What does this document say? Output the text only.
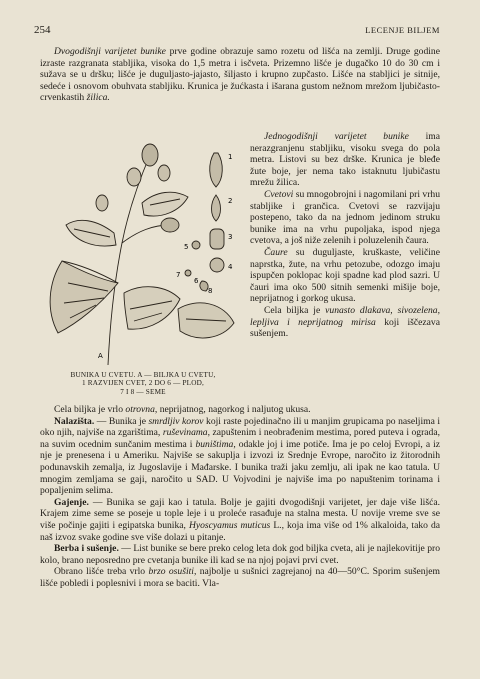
254	LECENJE BILJEM

Dvogodišnji varijetet bunike prve godine obrazuje samo rozetu od lišća na zemlji. Druge godine izraste razgranata stabljika, visoka do 1,5 metra i isčveta. Prizemno lišće je dugačko 10 do 30 cm i sužava se u dršku; lišće je duguljasto-jajasto, šiljasto i krupno zupčasto. Lišće na stabljici je sitnije, sedeće i osnovom obuhvata stabljiku. Krunica je žućkasta i išarana gustom nežnom mrežom ljubičasto-crvenkastih žilica.

A
1
2
3
4
5
6
7
8

Jednogodišnji varijetet bunike ima nerazgranjenu stabljiku, visoku svega do pola metra. Listovi su bez drške. Krunica je bleđe žute boje, jer nema tako istaknutu ljubičastu mrežu žilica.

Cvetovi su mnogobrojni i nagomilani pri vrhu stabljike i grančica. Cvetovi se razvijaju postepeno, tako da na jednom jedinom struku bunike ima na vrhu pupoljaka, ispod njega cvetova, a još niže zelenih i poluzelenih čaura.

Čaure su duguljaste, kruškaste, veličine naprstka, žute, na vrhu petozube, odozgo imaju ispupčen poklopac koji spadne kad plod sazri. U čauri ima oko 500 sitnih semenki mišije boje, neprijatnog i gorkog ukusa.

Cela biljka je vunasto dlakava, sivozelena, lepljiva i neprijatnog mirisa koji iščezava sušenjem.

BUNIKA U CVETU. A — BILJKA U CVETU,
1 RAZVIJEN CVET, 2 DO 6 — PLOD,
7 I 8 — SEME

Cela biljka je vrlo otrovna, neprijatnog, nagorkog i naljutog ukusa.

Nalazišta. — Bunika je smrdljiv korov koji raste pojedinačno ili u manjim grupicama po naseljima i oko njih, najviše na zgarištima, ruševinama, zapuštenim i neobrađenim mestima, pored puteva i ograda, na suvim ocednim sunčanim mestima i buništima, odakle joj i ime potiče. Ima je po celoj Evropi, a iz nje je prenesena i u Ameriku. Najviše se sakuplja i izvozi iz Srednje Evrope, naročito iz žitorodnih podunavskih zemalja, iz Jugoslavije i Mađarske. I bunika traži jaku zemlju, ali ipak ne kao tatula. U mnogim zemljama se gaji, naročito u SAD. U Vojvodini je najviše ima po napuštenim torinama i popaljenim selima.

Gajenje. — Bunika se gaji kao i tatula. Bolje je gajiti dvogodišnji varijetet, jer daje više lišća. Krajem zime seme se poseje u tople leje i u proleće rasađuje na stalna mesta. U novije vreme sve se više počinje gajiti i egipatska bunika, Hyoscyamus muticus L., koja ima više od 1% alkaloida, tako da naš izvoz svake godine sve više dolazi u pitanje.

Berba i sušenje. — List bunike se bere preko celog leta dok god biljka cveta, ali je najlekovitije pro kolo, brano neposredno pre cvetanja bunike ili kad se na njoj pojavi prvi cvet.

Obrano lišće treba vrlo brzo osušiti, najbolje u sušnici zagrejanoj na 40—50°C. Sporim sušenjem lišće pobledi i poplesnivi i mora se baciti. Vla-
